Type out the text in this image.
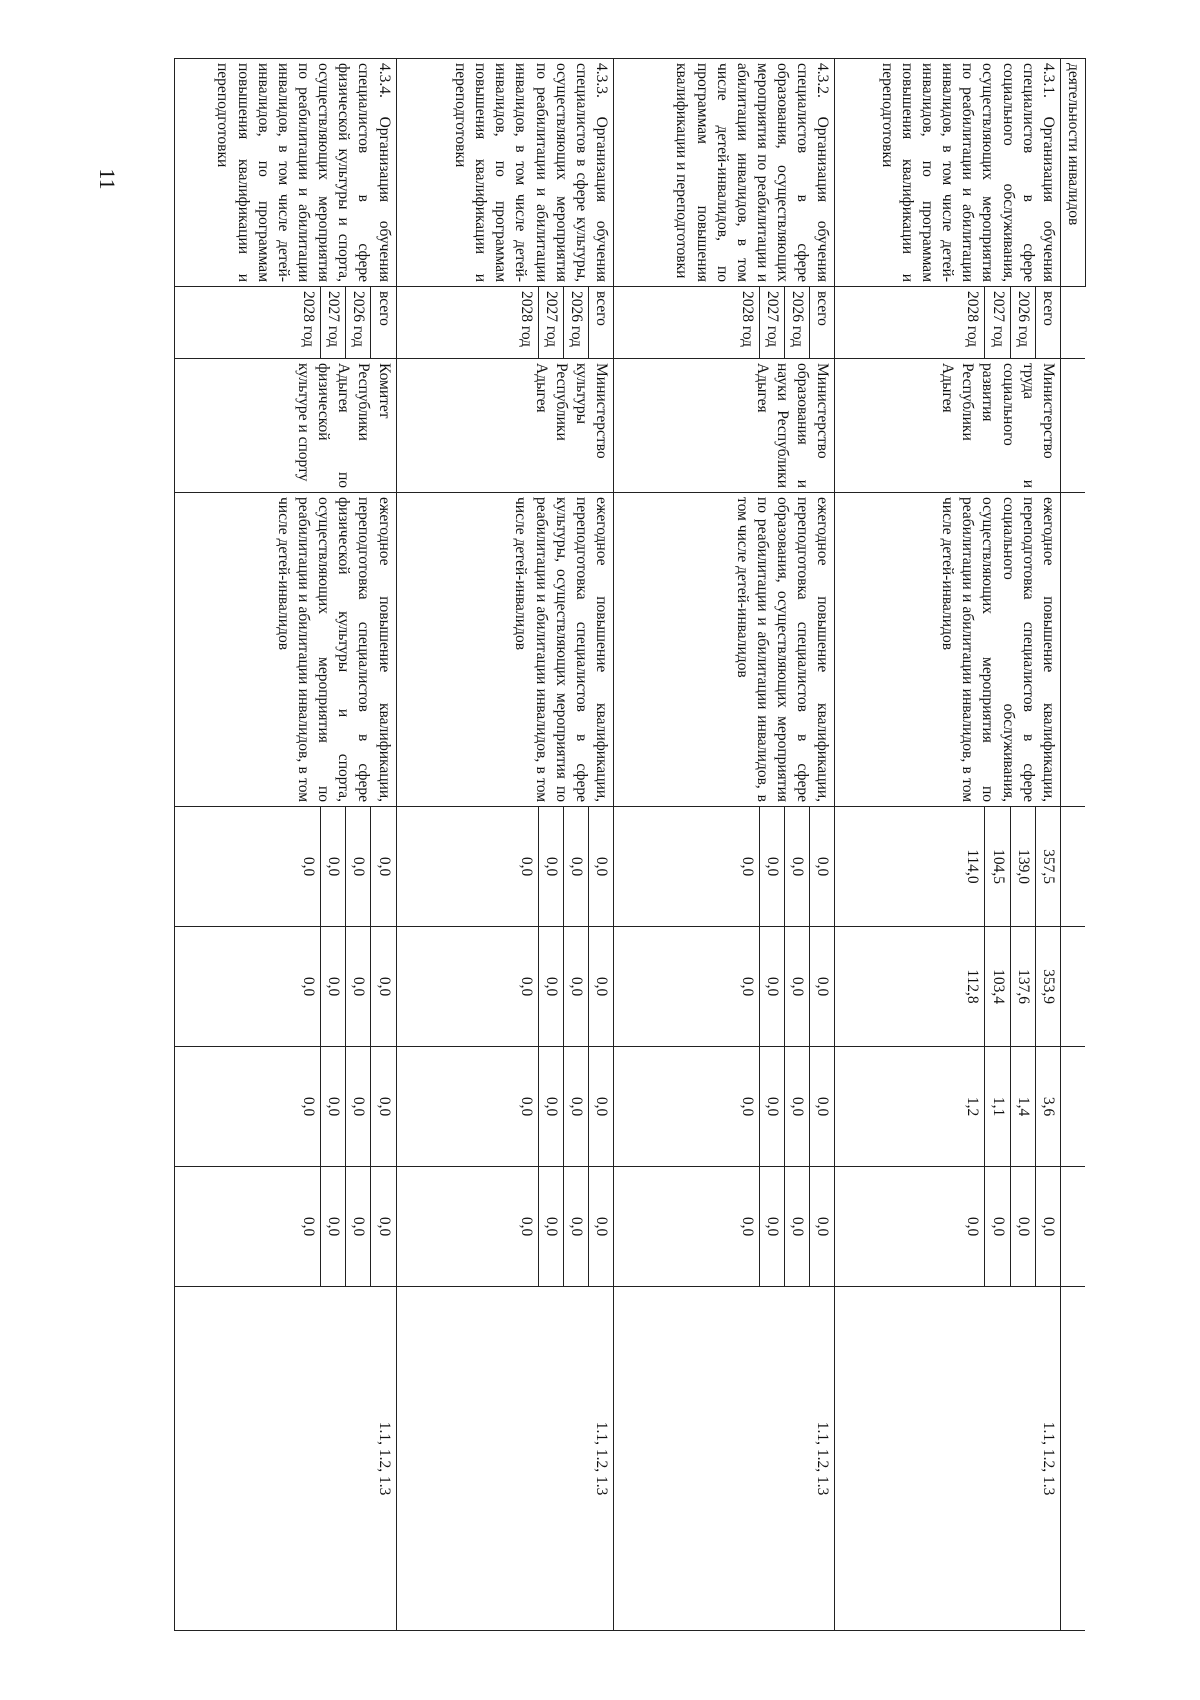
11	деятельности инвалидов								
4.3.1. Организация обучения специалистов в сфере социального обслуживания, осуществляющих мероприятия по реабилитации и абилитации инвалидов, в том числе детей-инвалидов, по программам повышения квалификации и переподготовки	всего	Министерство труда и социального развития Республики Адыгея	ежегодное повышение квалификации, переподготовка специалистов в сфере социального обслуживания, осуществляющих мероприятия по реабилитации и абилитации инвалидов, в том числе детей-инвалидов	357,5	353,9	3,6	0,0	1.1, 1.2, 1.3
	2026 год			139,0	137,6	1,4	0,0	
	2027 год			104,5	103,4	1,1	0,0	
	2028 год			114,0	112,8	1,2	0,0	
4.3.2. Организация обучения специалистов в сфере образования, осуществляющих мероприятия по реабилитации и абилитации инвалидов, в том числе детей-инвалидов, по программам повышения квалификации и переподготовки	всего	Министерство образования и науки Республики Адыгея	ежегодное повышение квалификации, переподготовка специалистов в сфере образования, осуществляющих мероприятия по реабилитации и абилитации инвалидов, в том числе детей-инвалидов	0,0	0,0	0,0	0,0	1.1, 1.2, 1.3
	2026 год			0,0	0,0	0,0	0,0	
	2027 год			0,0	0,0	0,0	0,0	
	2028 год			0,0	0,0	0,0	0,0	
4.3.3. Организация обучения специалистов в сфере культуры, осуществляющих мероприятия по реабилитации и абилитации инвалидов, в том числе детей-инвалидов, по программам повышения квалификации и переподготовки	всего	Министерство культуры Республики Адыгея	ежегодное повышение квалификации, переподготовка специалистов в сфере культуры, осуществляющих мероприятия по реабилитации и абилитации инвалидов, в том числе детей-инвалидов	0,0	0,0	0,0	0,0	1.1, 1.2, 1.3
	2026 год			0,0	0,0	0,0	0,0	
	2027 год			0,0	0,0	0,0	0,0	
	2028 год			0,0	0,0	0,0	0,0	
4.3.4. Организация обучения специалистов в сфере физической культуры и спорта, осуществляющих мероприятия по реабилитации и абилитации инвалидов, в том числе детей-инвалидов, по программам повышения квалификации и переподготовки	всего	Комитет Республики Адыгея по физической культуре и спорту	ежегодное повышение квалификации, переподготовка специалистов в сфере физической культуры и спорта, осуществляющих мероприятия по реабилитации и абилитации инвалидов, в том числе детей-инвалидов	0,0	0,0	0,0	0,0	1.1, 1.2, 1.3
	2026 год			0,0	0,0	0,0	0,0	
	2027 год			0,0	0,0	0,0	0,0	
	2028 год			0,0	0,0	0,0	0,0	
